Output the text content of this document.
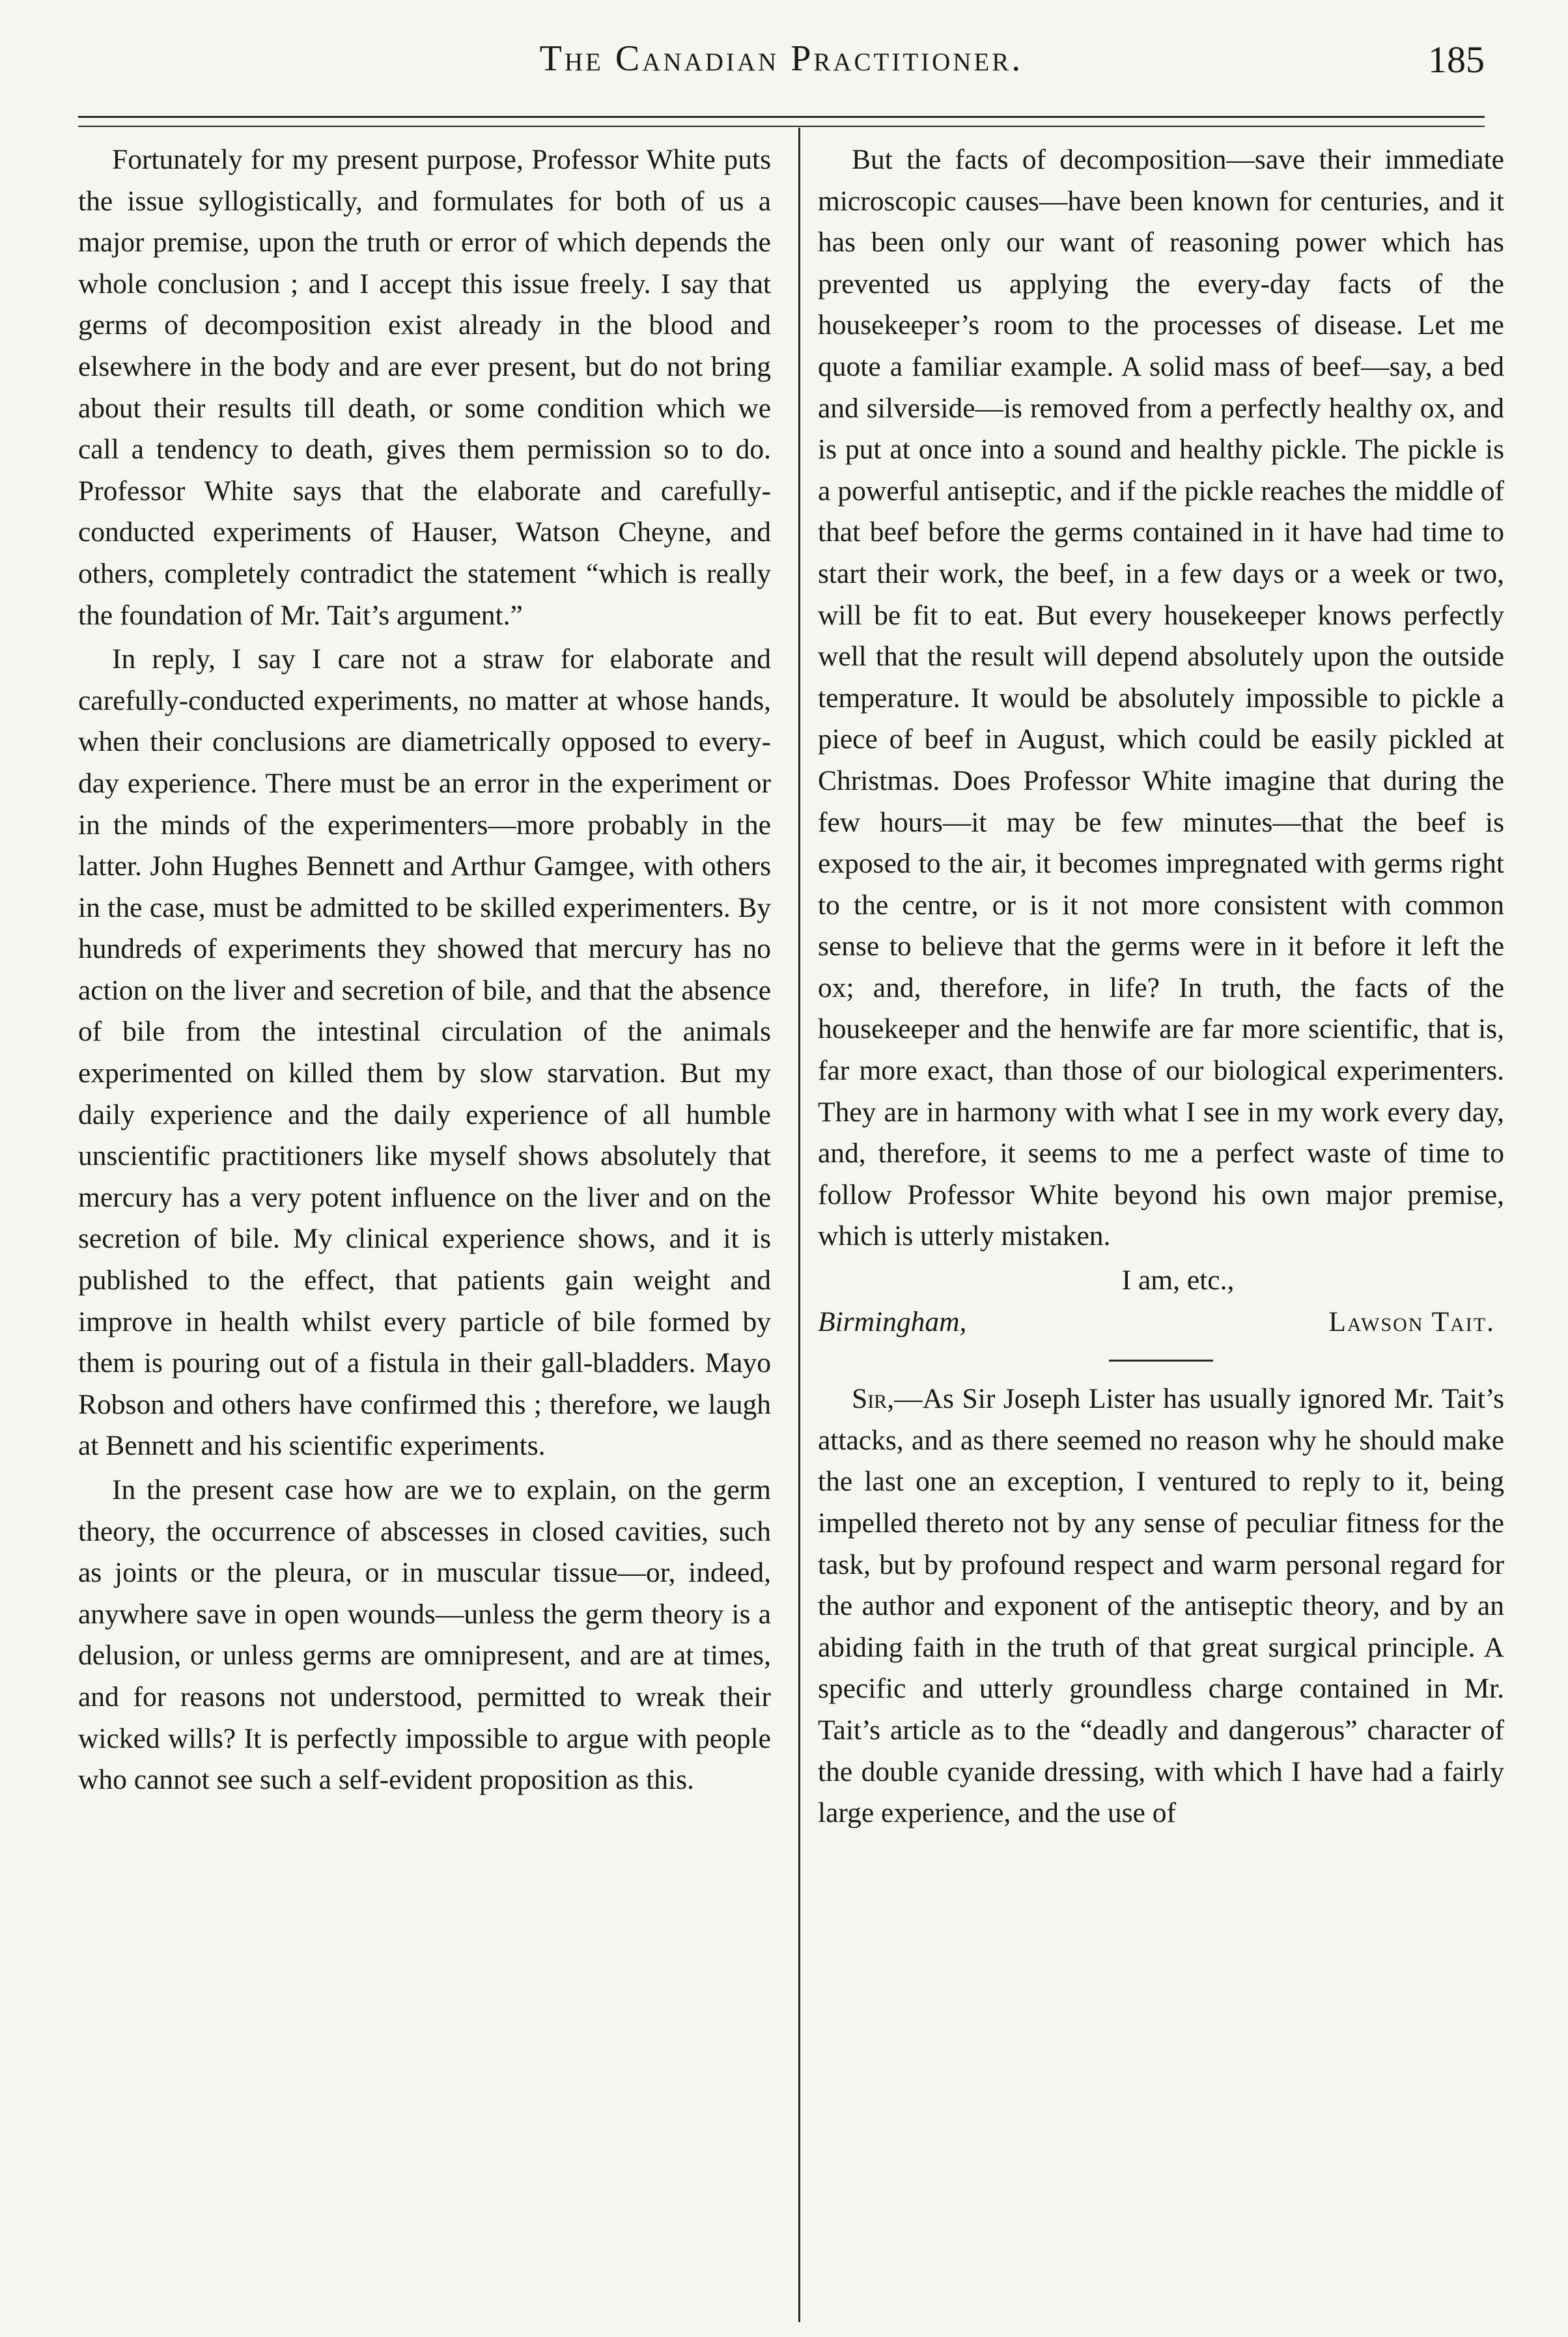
The Canadian Practitioner.	185

Fortunately for my present purpose, Professor White puts the issue syllogistically, and formulates for both of us a major premise, upon the truth or error of which depends the whole conclusion ; and I accept this issue freely. I say that germs of decomposition exist already in the blood and elsewhere in the body and are ever present, but do not bring about their results till death, or some condition which we call a tendency to death, gives them permission so to do. Professor White says that the elaborate and carefully-conducted experiments of Hauser, Watson Cheyne, and others, completely contradict the statement “which is really the foundation of Mr. Tait’s argument.”

In reply, I say I care not a straw for elaborate and carefully-conducted experiments, no matter at whose hands, when their conclusions are diametrically opposed to every-day experience. There must be an error in the experiment or in the minds of the experimenters—more probably in the latter. John Hughes Bennett and Arthur Gamgee, with others in the case, must be admitted to be skilled experimenters. By hundreds of experiments they showed that mercury has no action on the liver and secretion of bile, and that the absence of bile from the intestinal circulation of the animals experimented on killed them by slow starvation. But my daily experience and the daily experience of all humble unscientific practitioners like myself shows absolutely that mercury has a very potent influence on the liver and on the secretion of bile. My clinical experience shows, and it is published to the effect, that patients gain weight and improve in health whilst every particle of bile formed by them is pouring out of a fistula in their gall-bladders. Mayo Robson and others have confirmed this ; therefore, we laugh at Bennett and his scientific experiments.

In the present case how are we to explain, on the germ theory, the occurrence of abscesses in closed cavities, such as joints or the pleura, or in muscular tissue—or, indeed, anywhere save in open wounds—unless the germ theory is a delusion, or unless germs are omnipresent, and are at times, and for reasons not understood, permitted to wreak their wicked wills? It is perfectly impossible to argue with people who cannot see such a self-evident proposition as this.

But the facts of decomposition—save their immediate microscopic causes—have been known for centuries, and it has been only our want of reasoning power which has prevented us applying the every-day facts of the housekeeper’s room to the processes of disease. Let me quote a familiar example. A solid mass of beef—say, a bed and silverside—is removed from a perfectly healthy ox, and is put at once into a sound and healthy pickle. The pickle is a powerful antiseptic, and if the pickle reaches the middle of that beef before the germs contained in it have had time to start their work, the beef, in a few days or a week or two, will be fit to eat. But every housekeeper knows perfectly well that the result will depend absolutely upon the outside temperature. It would be absolutely impossible to pickle a piece of beef in August, which could be easily pickled at Christmas. Does Professor White imagine that during the few hours—it may be few minutes—that the beef is exposed to the air, it becomes impregnated with germs right to the centre, or is it not more consistent with common sense to believe that the germs were in it before it left the ox; and, therefore, in life? In truth, the facts of the housekeeper and the henwife are far more scientific, that is, far more exact, than those of our biological experimenters. They are in harmony with what I see in my work every day, and, therefore, it seems to me a perfect waste of time to follow Professor White beyond his own major premise, which is utterly mistaken.

I am, etc.,

Birmingham,	Lawson Tait.

Sir,—As Sir Joseph Lister has usually ignored Mr. Tait’s attacks, and as there seemed no reason why he should make the last one an exception, I ventured to reply to it, being impelled thereto not by any sense of peculiar fitness for the task, but by profound respect and warm personal regard for the author and exponent of the antiseptic theory, and by an abiding faith in the truth of that great surgical principle. A specific and utterly groundless charge contained in Mr. Tait’s article as to the “deadly and dangerous” character of the double cyanide dressing, with which I have had a fairly large experience, and the use of
